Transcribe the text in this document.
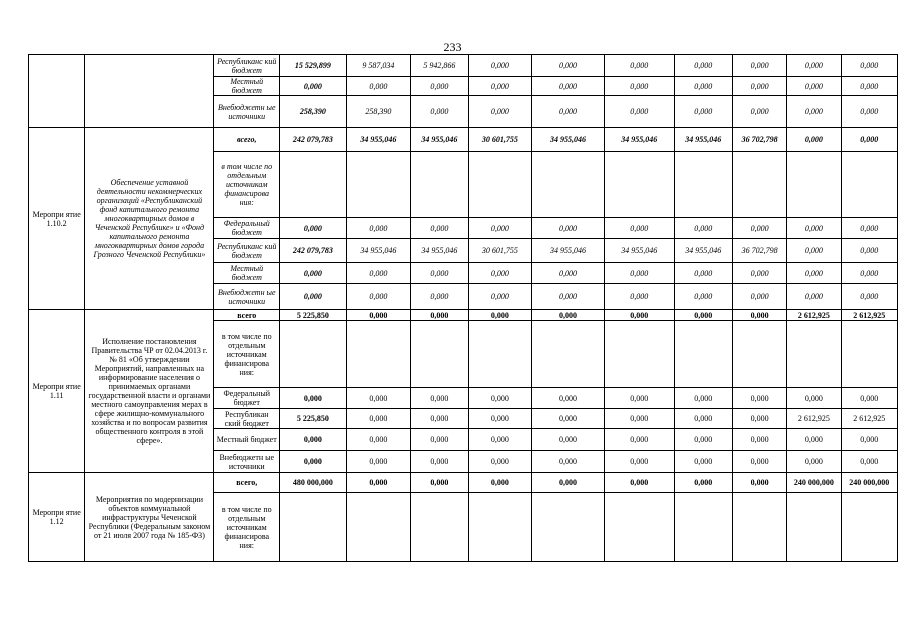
233
		Республиканс кий бюджет	15 529,899	9 587,034	5 942,866	0,000	0,000	0,000	0,000	0,000	0,000	0,000
		Местный бюджет	0,000	0,000	0,000	0,000	0,000	0,000	0,000	0,000	0,000	0,000
		Внебюджетн ые источники	258,390	258,390	0,000	0,000	0,000	0,000	0,000	0,000	0,000	0,000
Меропри ятие 1.10.2	Обеспечение уставной деятельности некоммерческих организаций «Республиканский фонд капитального ремонта многоквартирных домов в Чеченской Республике» и «Фонд капитального ремонта многоквартирных домов города Грозного Чеченской Республики»	всего,	242 079,783	34 955,046	34 955,046	30 601,755	34 955,046	34 955,046	34 955,046	36 702,798	0,000	0,000
		в том числе по отдельным источникам финансирова ния:										
		Федеральный бюджет	0,000	0,000	0,000	0,000	0,000	0,000	0,000	0,000	0,000	0,000
		Республиканс кий бюджет	242 079,783	34 955,046	34 955,046	30 601,755	34 955,046	34 955,046	34 955,046	36 702,798	0,000	0,000
		Местный бюджет	0,000	0,000	0,000	0,000	0,000	0,000	0,000	0,000	0,000	0,000
		Внебюджетн ые источники	0,000	0,000	0,000	0,000	0,000	0,000	0,000	0,000	0,000	0,000
Меропри ятие 1.11	Исполнение постановления Правительства ЧР от 02.04.2013 г. № 81 «Об утверждении Мероприятий, направленных на информирование населения о принимаемых органами государственной власти и органами местного самоуправления мерах в сфере жилищно-коммунального хозяйства и по вопросам развития общественного контроля в этой сфере».	всего	5 225,850	0,000	0,000	0,000	0,000	0,000	0,000	0,000	2 612,925	2 612,925
		в том числе по отдельным источникам финансирова ния:										
		Федеральный бюджет	0,000	0,000	0,000	0,000	0,000	0,000	0,000	0,000	0,000	0,000
		Республикан ский бюджет	5 225,850	0,000	0,000	0,000	0,000	0,000	0,000	0,000	2 612,925	2 612,925
		Местный бюджет	0,000	0,000	0,000	0,000	0,000	0,000	0,000	0,000	0,000	0,000
		Внебюджетн ые источники	0,000	0,000	0,000	0,000	0,000	0,000	0,000	0,000	0,000	0,000
Меропри ятие 1.12	Мероприятия по модернизации объектов коммунальной инфраструктуры Чеченской Республики (Федеральным законом от 21 июля 2007 года № 185-ФЗ)	всего,	480 000,000	0,000	0,000	0,000	0,000	0,000	0,000	0,000	240 000,000	240 000,000
		в том числе по отдельным источникам финансирова ния:										
